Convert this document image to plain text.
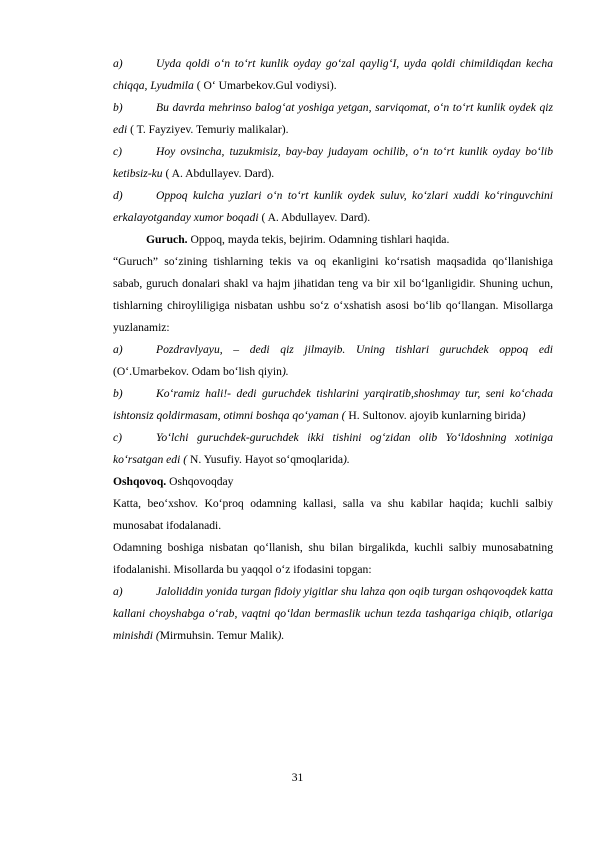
a)	Uyda qoldi o‘n to‘rt kunlik oyday go‘zal qaylig‘I, uyda qoldi chimildiqdan kecha chiqqa, Lyudmila ( O‘ Umarbekov.Gul vodiysi).

b)	Bu davrda mehrinso balog‘at yoshiga yetgan, sarviqomat, o‘n to‘rt kunlik oydek qiz edi ( T. Fayziyev. Temuriy malikalar).

c)	Hoy ovsincha, tuzukmisiz, bay-bay judayam ochilib, o‘n to‘rt kunlik oyday bo‘lib ketibsiz-ku ( A. Abdullayev. Dard).

d)	Oppoq kulcha yuzlari o‘n to‘rt kunlik oydek suluv, ko‘zlari xuddi ko‘ringuvchini erkalayotganday xumor boqadi ( A. Abdullayev. Dard).

Guruch. Oppoq, mayda tekis, bejirim. Odamning tishlari haqida.

“Guruch” so‘zining tishlarning tekis va oq ekanligini ko‘rsatish maqsadida qo‘llanishiga sabab, guruch donalari shakl va hajm jihatidan teng va bir xil bo‘lganligidir. Shuning uchun, tishlarning chiroyliligiga nisbatan ushbu so‘z o‘xshatish asosi bo‘lib qo‘llangan. Misollarga yuzlanamiz:

a)	Pozdravlyayu, – dedi qiz jilmayib. Uning tishlari guruchdek oppoq edi (O‘.Umarbekov. Odam bo‘lish qiyin).

b)	Ko‘ramiz hali!- dedi guruchdek tishlarini yarqiratib,shoshmay tur, seni ko‘chada ishtonsiz qoldirmasam, otimni boshqa qo‘yaman ( H. Sultonov. ajoyib kunlarning birida)

c)	Yo‘lchi guruchdek-guruchdek ikki tishini og‘zidan olib Yo‘ldoshning xotiniga ko‘rsatgan edi ( N. Yusufiy. Hayot so‘qmoqlarida).

Oshqovoq. Oshqovoqday

Katta, beo‘xshov. Ko‘proq odamning kallasi, salla va shu kabilar haqida; kuchli salbiy munosabat ifodalanadi.

Odamning boshiga nisbatan qo‘llanish, shu bilan birgalikda, kuchli salbiy munosabatning ifodalanishi. Misollarda bu yaqqol o‘z ifodasini topgan:

a)	Jaloliddin yonida turgan fidoiy yigitlar shu lahza qon oqib turgan oshqovoqdek katta kallani choyshabga o‘rab, vaqtni qo‘ldan bermaslik uchun tezda tashqariga chiqib, otlariga minishdi (Mirmuhsin. Temur Malik).

31
